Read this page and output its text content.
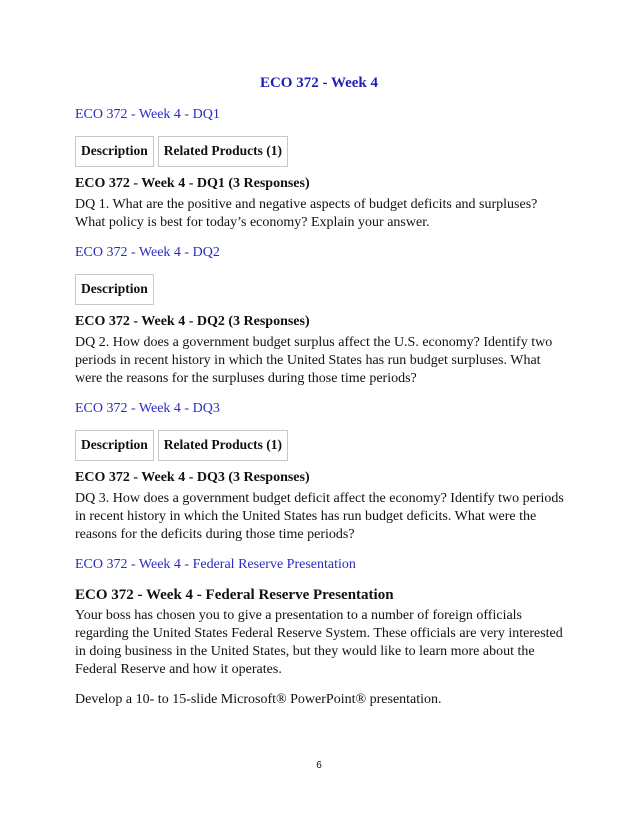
ECO 372 - Week 4
ECO 372 - Week 4 - DQ1
Description	Related Products (1)
ECO 372 - Week 4 - DQ1 (3 Responses)
DQ 1. What are the positive and negative aspects of budget deficits and surpluses? What policy is best for today’s economy? Explain your answer.
ECO 372 - Week 4 - DQ2
Description
ECO 372 - Week 4 - DQ2 (3 Responses)
DQ 2. How does a government budget surplus affect the U.S. economy? Identify two periods in recent history in which the United States has run budget surpluses. What were the reasons for the surpluses during those time periods?
ECO 372 - Week 4 - DQ3
Description	Related Products (1)
ECO 372 - Week 4 - DQ3 (3 Responses)
DQ 3. How does a government budget deficit affect the economy? Identify two periods in recent history in which the United States has run budget deficits. What were the reasons for the deficits during those time periods?
ECO 372 - Week 4 - Federal Reserve Presentation
ECO 372 - Week 4 - Federal Reserve Presentation
Your boss has chosen you to give a presentation to a number of foreign officials regarding the United States Federal Reserve System. These officials are very interested in doing business in the United States, but they would like to learn more about the Federal Reserve and how it operates.
Develop a 10- to 15-slide Microsoft® PowerPoint® presentation.
6
